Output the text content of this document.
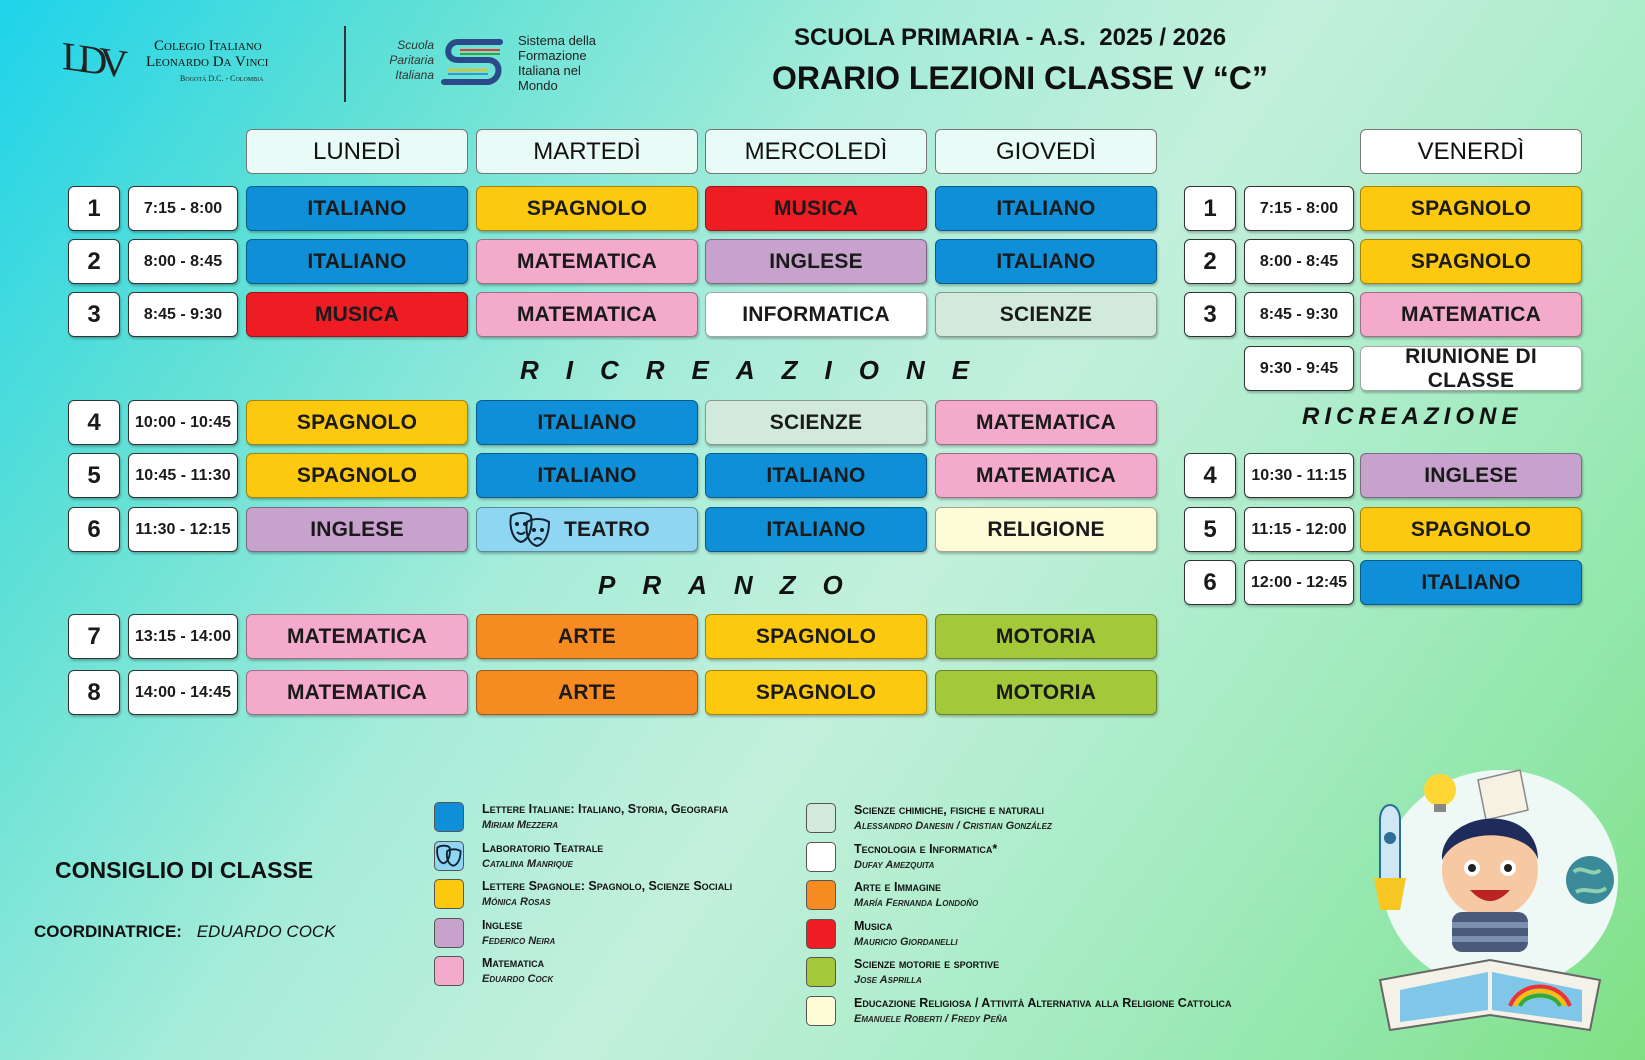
LDV Colegio Italiano
Leonardo Da Vinci
Bogotá D.C. - Colombia
Scuola
Paritaria
Italiana
Sistema della
Formazione
Italiana nel
Mondo
SCUOLA PRIMARIA - A.S.  2025 / 2026
ORARIO LEZIONI CLASSE V “C”
LUNEDÌ	MARTEDÌ	MERCOLEDÌ	GIOVEDÌ	VENERDÌ
1	7:15 - 8:00	ITALIANO	SPAGNOLO	MUSICA	ITALIANO
2	8:00 - 8:45	ITALIANO	MATEMATICA	INGLESE	ITALIANO
3	8:45 - 9:30	MUSICA	MATEMATICA	INFORMATICA	SCIENZE
4	10:00 - 10:45	SPAGNOLO	ITALIANO	SCIENZE	MATEMATICA
5	10:45 - 11:30	SPAGNOLO	ITALIANO	ITALIANO	MATEMATICA
6	11:30 - 12:15	INGLESE	TEATRO	ITALIANO	RELIGIONE
7	13:15 - 14:00	MATEMATICA	ARTE	SPAGNOLO	MOTORIA
8	14:00 - 14:45	MATEMATICA	ARTE	SPAGNOLO	MOTORIA
RICREAZIONE
PRANZO
1	7:15 - 8:00	SPAGNOLO
2	8:00 - 8:45	SPAGNOLO
3	8:45 - 9:30	MATEMATICA
9:30 - 9:45
RIUNIONE DI CLASSE
4	10:30 - 11:15	INGLESE
5	11:15 - 12:00	SPAGNOLO
6	12:00 - 12:45	ITALIANO
RICREAZIONE
CONSIGLIO DI CLASSE
COORDINATRICE: EDUARDO COCK
Lettere Italiane: Italiano, Storia, Geografia
Miriam Mezzera
Laboratorio Teatrale
Catalina Manrique
Lettere Spagnole: Spagnolo, Scienze Sociali
Mónica Rosas
Inglese
Federico Neira
Matematica
Eduardo Cock
Scienze chimiche, fisiche e naturali
Alessandro Danesin / Cristian González
Tecnologia e Informatica*
Dufay Amezquita
Arte e Immagine
María Fernanda Londoño
Musica
Mauricio Giordanelli
Scienze motorie e sportive
Jose Asprilla
Educazione Religiosa / Attività Alternativa alla Religione Cattolica
Emanuele Roberti / Fredy Peña
